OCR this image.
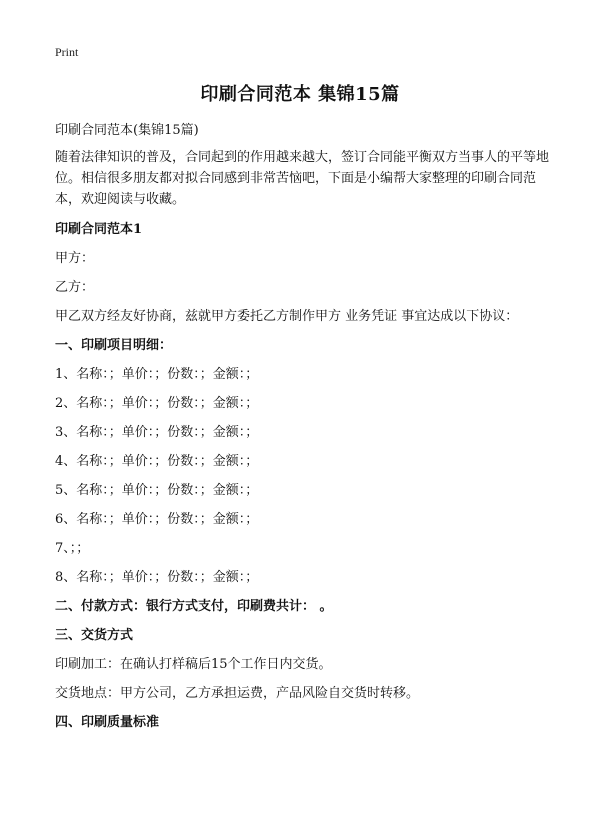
Print
印刷合同范本 集锦15篇

印刷合同范本(集锦15篇)

随着法律知识的普及，合同起到的作用越来越大，签订合同能平衡双方当事人的平等地位。相信很多朋友都对拟合同感到非常苦恼吧，下面是小编帮大家整理的印刷合同范本，欢迎阅读与收藏。

印刷合同范本1

甲方：

乙方：

甲乙双方经友好协商，兹就甲方委托乙方制作甲方 业务凭证 事宜达成以下协议：

一、印刷项目明细：

1、名称：；单价：；份数：；金额：；
2、名称：；单价：；份数：；金额：；
3、名称：；单价：；份数：；金额：；
4、名称：；单价：；份数：；金额：；
5、名称：；单价：；份数：；金额：；
6、名称：；单价：；份数：；金额：；
7、；；
8、名称：；单价：；份数：；金额：；

二、付款方式：银行方式支付，印刷费共计： 。

三、交货方式

印刷加工：在确认打样稿后15个工作日内交货。

交货地点：甲方公司，乙方承担运费，产品风险自交货时转移。

四、印刷质量标准
